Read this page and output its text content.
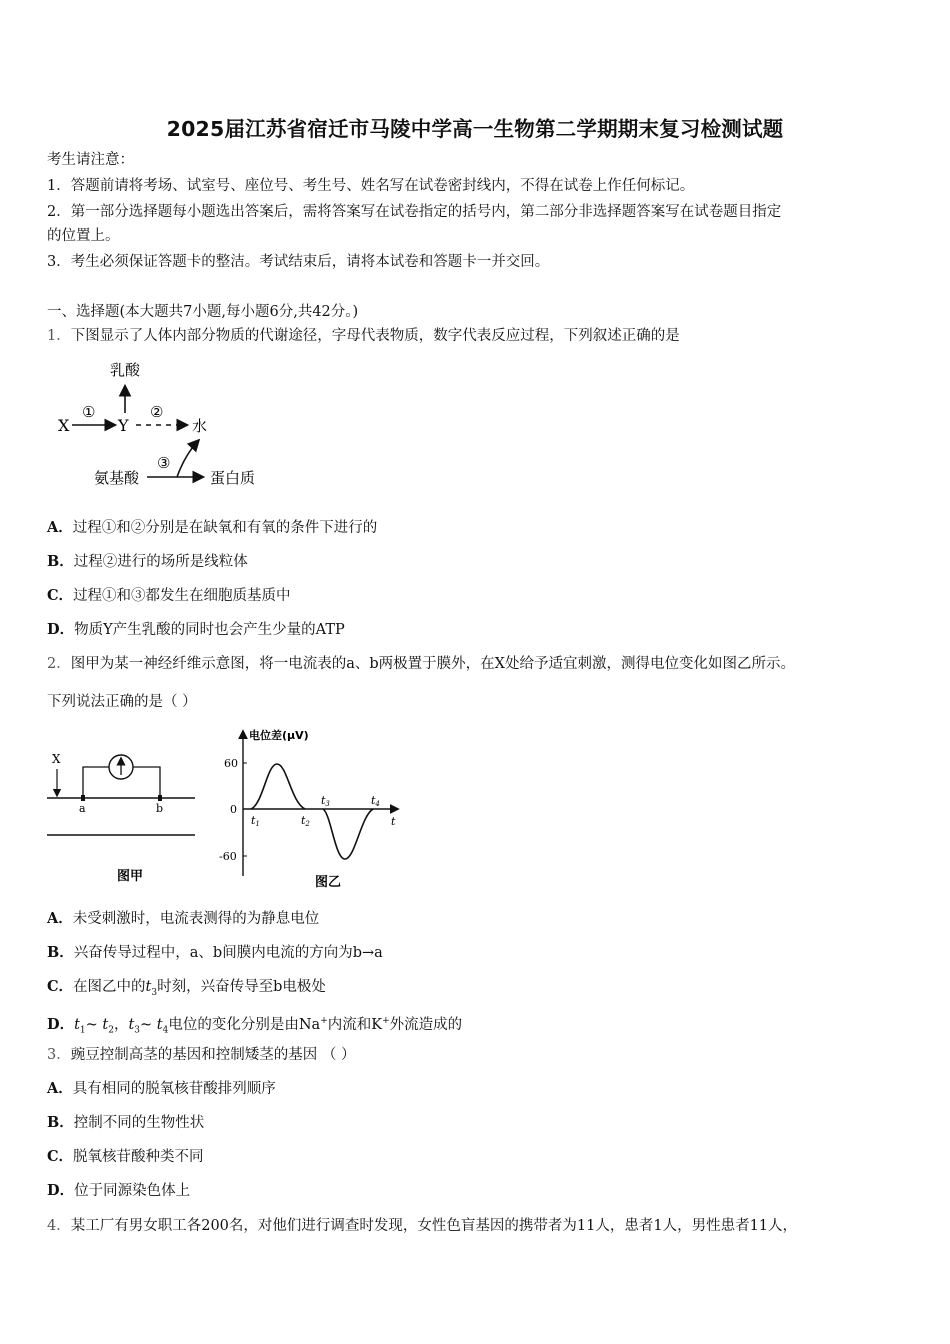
2025届江苏省宿迁市马陵中学高一生物第二学期期末复习检测试题
考生请注意：
1．答题前请将考场、试室号、座位号、考生号、姓名写在试卷密封线内，不得在试卷上作任何标记。
2．第一部分选择题每小题选出答案后，需将答案写在试卷指定的括号内，第二部分非选择题答案写在试卷题目指定
的位置上。
3．考生必须保证答题卡的整洁。考试结束后，请将本试卷和答题卡一并交回。
一、选择题(本大题共7小题,每小题6分,共42分。)
1．下图显示了人体内部分物质的代谢途径，字母代表物质，数字代表反应过程，下列叙述正确的是
乳酸
X
①
Y
②
水
氨基酸
③
蛋白质
A．过程①和②分别是在缺氧和有氧的条件下进行的
B．过程②进行的场所是线粒体
C．过程①和③都发生在细胞质基质中
D．物质Y产生乳酸的同时也会产生少量的ATP
2．图甲为某一神经纤维示意图，将一电流表的a、b两极置于膜外，在X处给予适宜刺激，测得电位变化如图乙所示。
下列说法正确的是（ ）
X
a	b
图甲
电位差(μV)
60
0
-60
t1	t2
t3	t4
t
图乙
A．未受刺激时，电流表测得的为静息电位
B．兴奋传导过程中，a、b间膜内电流的方向为b→a
C．在图乙中的$t_3$时刻，兴奋传导至b电极处
D．$t_1\sim$ $t_2$，$t_3\sim$ $t_4$电位的变化分别是由Na+内流和K+外流造成的
3．豌豆控制高茎的基因和控制矮茎的基因 （ ）
A．具有相同的脱氧核苷酸排列顺序
B．控制不同的生物性状
C．脱氧核苷酸种类不同
D．位于同源染色体上
4．某工厂有男女职工各200名，对他们进行调查时发现，女性色盲基因的携带者为11人，患者1人，男性患者11人，
